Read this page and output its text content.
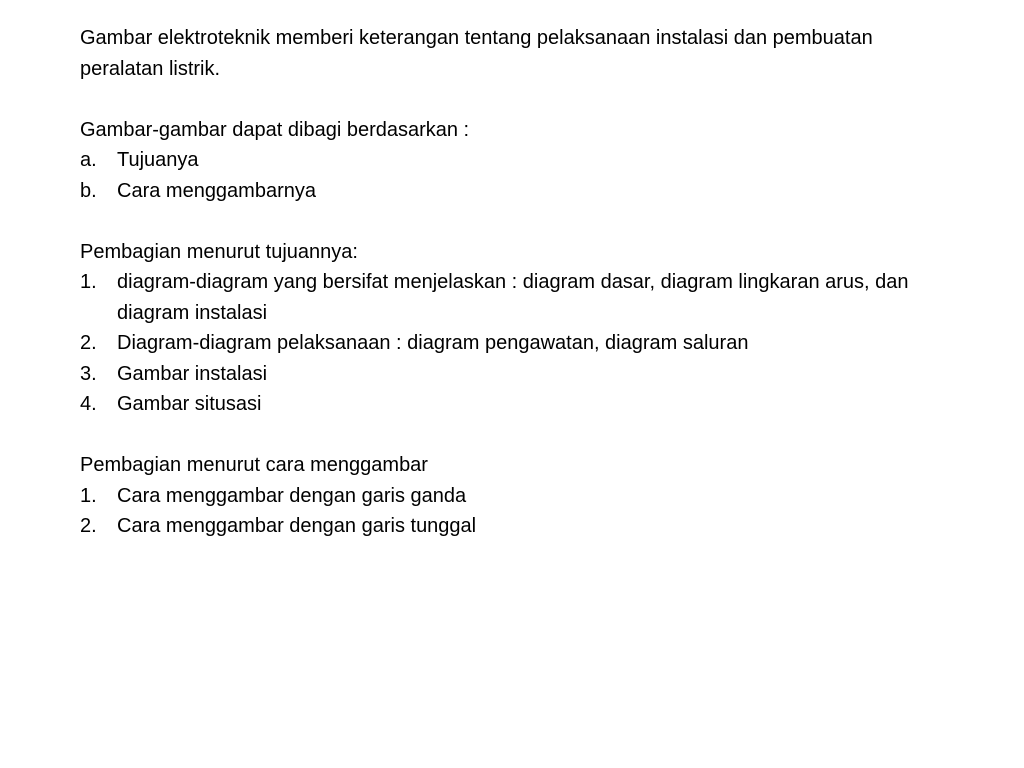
Gambar elektroteknik memberi keterangan tentang pelaksanaan instalasi dan pembuatan peralatan listrik.

Gambar-gambar dapat dibagi berdasarkan :

a.	Tujuanya
b.	Cara menggambarnya

Pembagian menurut tujuannya:

1.	diagram-diagram yang bersifat menjelaskan : diagram dasar, diagram lingkaran arus, dan diagram instalasi
2.	Diagram-diagram pelaksanaan : diagram pengawatan, diagram saluran
3.	Gambar instalasi
4.	Gambar situsasi

Pembagian menurut cara menggambar

1.	Cara menggambar dengan garis ganda
2.	Cara menggambar dengan garis tunggal
